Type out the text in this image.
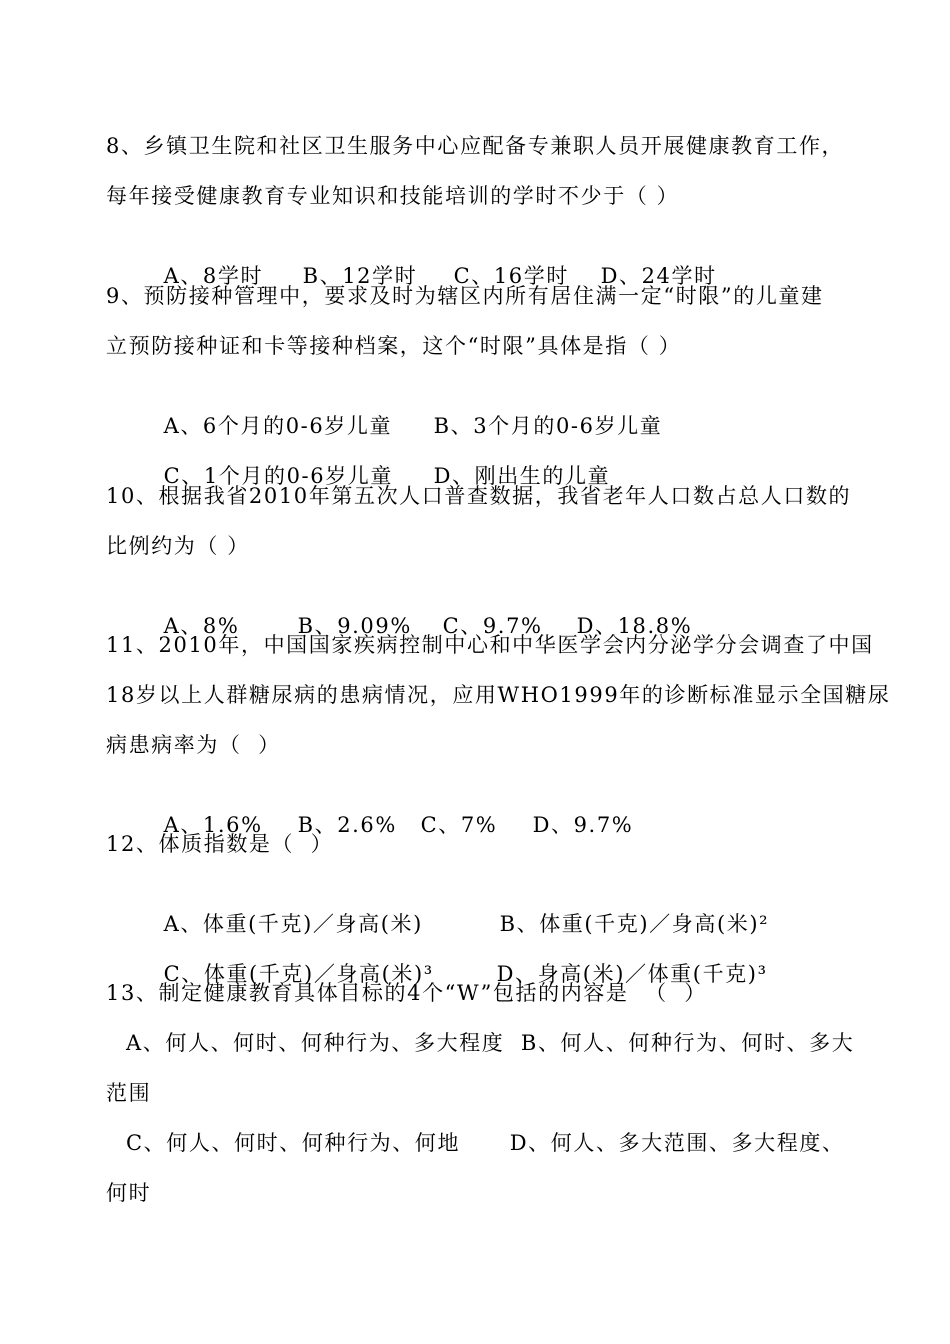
8、乡镇卫生院和社区卫生服务中心应配备专兼职人员开展健康教育工作，
每年接受健康教育专业知识和技能培训的学时不少于（ ）

A、8学时 B、12学时 C、16学时 D、24学时

9、预防接种管理中，要求及时为辖区内所有居住满一定“时限”的儿童建
立预防接种证和卡等接种档案，这个“时限”具体是指（ ）

A、6个月的0-6岁儿童 B、3个月的0-6岁儿童

C、1个月的0-6岁儿童 D、刚出生的儿童

10、根据我省2010年第五次人口普查数据，我省老年人口数占总人口数的
比例约为（ ）

A、8%	B、9.09% C、9.7% D、18.8%

11、2010年，中国国家疾病控制中心和中华医学会内分泌学分会调查了中国
18岁以上人群糖尿病的患病情况，应用WHO1999年的诊断标准显示全国糖尿
病患病率为（  ）

A、1.6% B、2.6% C、7% D、9.7%

12、体质指数是（  ）

A、体重(千克)／身高(米)	B、体重(千克)／身高(米)²

C、体重(千克)／身高(米)³	D、身高(米)／体重(千克)³

13、制定健康教育具体目标的4个“W”包括的内容是  （  ）
A、何人、何时、何种行为、多大程度  B、何人、何种行为、何时、多大
范围
C、何人、何时、何种行为、何地      D、何人、多大范围、多大程度、
何时
